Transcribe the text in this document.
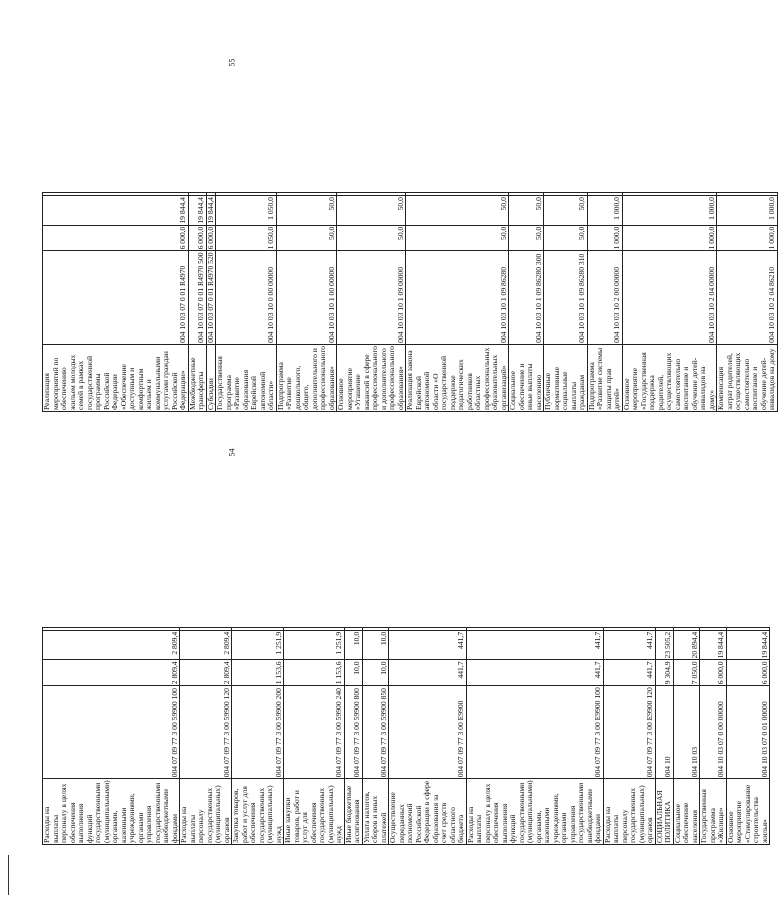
54
55
Расходы на выплаты персоналу в целях обеспечения выполнения функций государственными (муниципальными) органами, казенными учреждениями, органами управления государственными внебюджетными фондами	004 07 09 77 3 00 59900 100	2 809,4	2 809,4	
Расходы на выплаты персоналу государственных (муниципальных) органов	004 07 09 77 3 00 59900 120	2 809,4	2 809,4	
Закупка товаров, работ и услуг для обеспечения государственных (муниципальных) нужд	004 07 09 77 3 00 59900 200	1 153,6	1 251,9	
Иные закупки товаров, работ и услуг для обеспечения государственных (муниципальных) нужд	004 07 09 77 3 00 59900 240	1 153,6	1 251,9	
Иные бюджетные ассигнования	004 07 09 77 3 00 59900 800	10,0	10,0	
Уплата налогов, сборов и иных платежей	004 07 09 77 3 00 59900 850	10,0	10,0	
Осуществление переданных полномочий Российской Федерации в сфере образования за счет средств областного бюджета	004 07 09 77 3 00 Е9900	441,7	441,7	
Расходы на выплаты персоналу в целях обеспечения выполнения функций государственными (муниципальными) органами, казенными учреждениями, органами управления государственными внебюджетными фондами	004 07 09 77 3 00 Е9900 100	441,7	441,7	
Расходы на выплаты персоналу государственных (муниципальных) органов	004 07 09 77 3 00 Е9900 120	441,7	441,7	
СОЦИАЛЬНАЯ ПОЛИТИКА	004 10	9 304,9	23 505,2	
Социальное обеспечение населения	004 10 03	7 050,0	20 894,4	
Государственная программа «Жилище»	004 10 03 07 0 00 00000	6 000,0	19 844,4	
Основное мероприятие «Стимулирование строительства жилья»	004 10 03 07 0 01 00000	6 000,0	19 844,4	
Реализация мероприятий по обеспечению жильем молодых семей в рамках государственной программы Российской Федерации «Обеспечение доступным и комфортным жильем и коммунальными услугами граждан Российской Федерации»	004 10 03 07 0 01 R4970	6 000,0	19 844,4	
Межбюджетные трансферты	004 10 03 07 0 01 R4970 500	6 000,0	19 844,4	
Субсидии	004 10 03 07 0 01 R4970 520	6 000,0	19 844,4	
Государственная программа «Развитие образования Еврейской автономной области»	004 10 03 10 0 00 00000	1 050,0	1 050,0	
Подпрограмма «Развитие дошкольного, общего, дополнительного и профессионального образования»	004 10 03 10 1 00 00000	50,0	50,0	
Основное мероприятие «Угашение вакансий в сфере профессионального и дополнительного профессионального образования»	004 10 03 10 1 09 00000	50,0	50,0	
Реализация закона Еврейской автономной области «О государственной поддержке педагогических работников областных профессиональных образовательных организаций»	004 10 03 10 1 09 86280	50,0	50,0	
Социальное обеспечение и иные выплаты населению	004 10 03 10 1 09 86280 300	50,0	50,0	
Публичные нормативные социальные выплаты гражданам	004 10 03 10 1 09 86280 310	50,0	50,0	
Подпрограмма «Развитие системы защиты прав детей»	004 10 03 10 2 00 00000	1 000,0	1 000,0	
Основное мероприятие «Государственная поддержка родителей, осуществляющих самостоятельно воспитание и обучение детей-инвалидов на дому»	004 10 03 10 2 04 00000	1 000,0	1 000,0	
Компенсация затрат родителей, осуществляющих самостоятельно воспитание и обучение детей-инвалидов на дому	004 10 03 10 2 04 86210	1 000,0	1 000,0	
